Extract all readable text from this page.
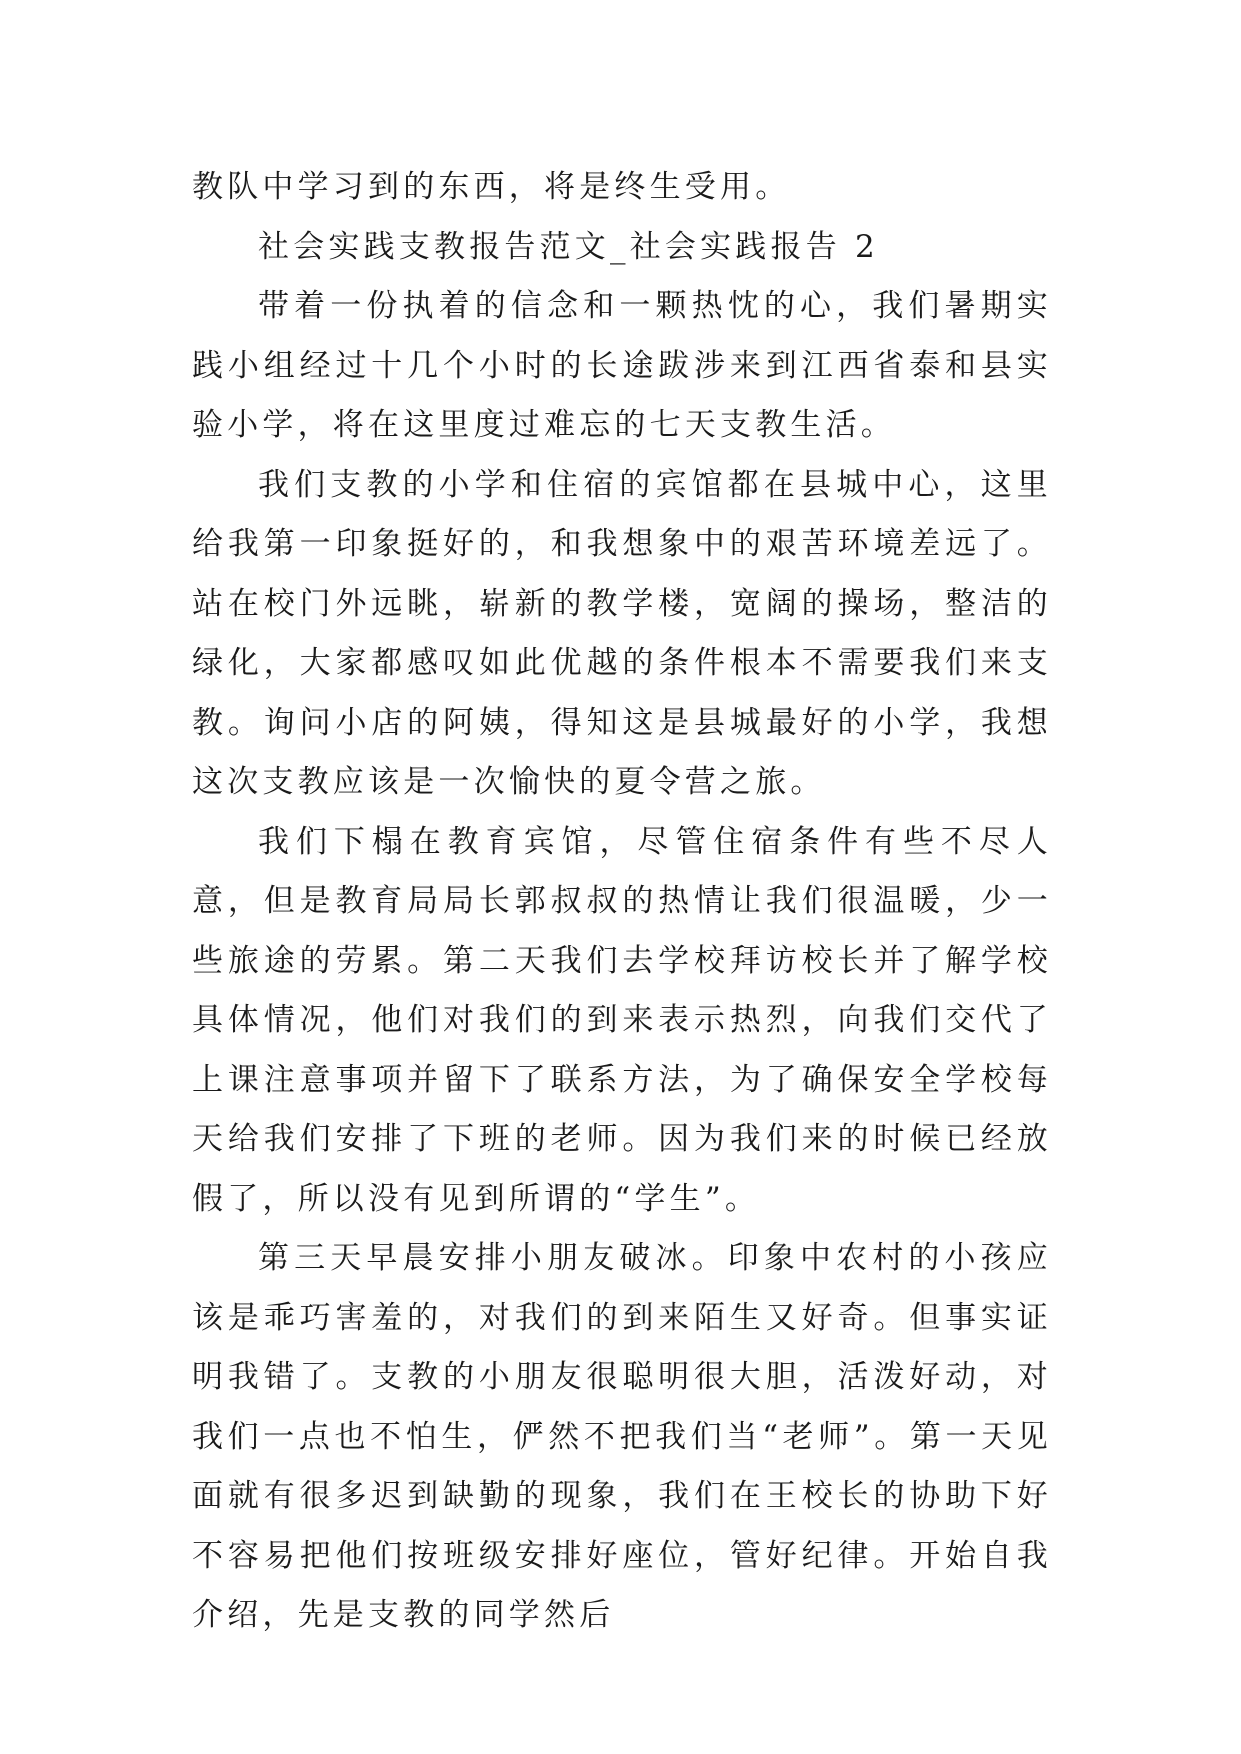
教队中学习到的东西，将是终生受用。

社会实践支教报告范文_社会实践报告 2

带着一份执着的信念和一颗热忱的心，我们暑期实践小组经过十几个小时的长途跋涉来到江西省泰和县实验小学，将在这里度过难忘的七天支教生活。

我们支教的小学和住宿的宾馆都在县城中心，这里给我第一印象挺好的，和我想象中的艰苦环境差远了。站在校门外远眺，崭新的教学楼，宽阔的操场，整洁的绿化，大家都感叹如此优越的条件根本不需要我们来支教。询问小店的阿姨，得知这是县城最好的小学，我想这次支教应该是一次愉快的夏令营之旅。

我们下榻在教育宾馆，尽管住宿条件有些不尽人意，但是教育局局长郭叔叔的热情让我们很温暖，少一些旅途的劳累。第二天我们去学校拜访校长并了解学校具体情况，他们对我们的到来表示热烈，向我们交代了上课注意事项并留下了联系方法，为了确保安全学校每天给我们安排了下班的老师。因为我们来的时候已经放假了，所以没有见到所谓的“学生”。

第三天早晨安排小朋友破冰。印象中农村的小孩应该是乖巧害羞的，对我们的到来陌生又好奇。但事实证明我错了。支教的小朋友很聪明很大胆，活泼好动，对我们一点也不怕生，俨然不把我们当“老师”。第一天见面就有很多迟到缺勤的现象，我们在王校长的协助下好不容易把他们按班级安排好座位，管好纪律。开始自我介绍，先是支教的同学然后
